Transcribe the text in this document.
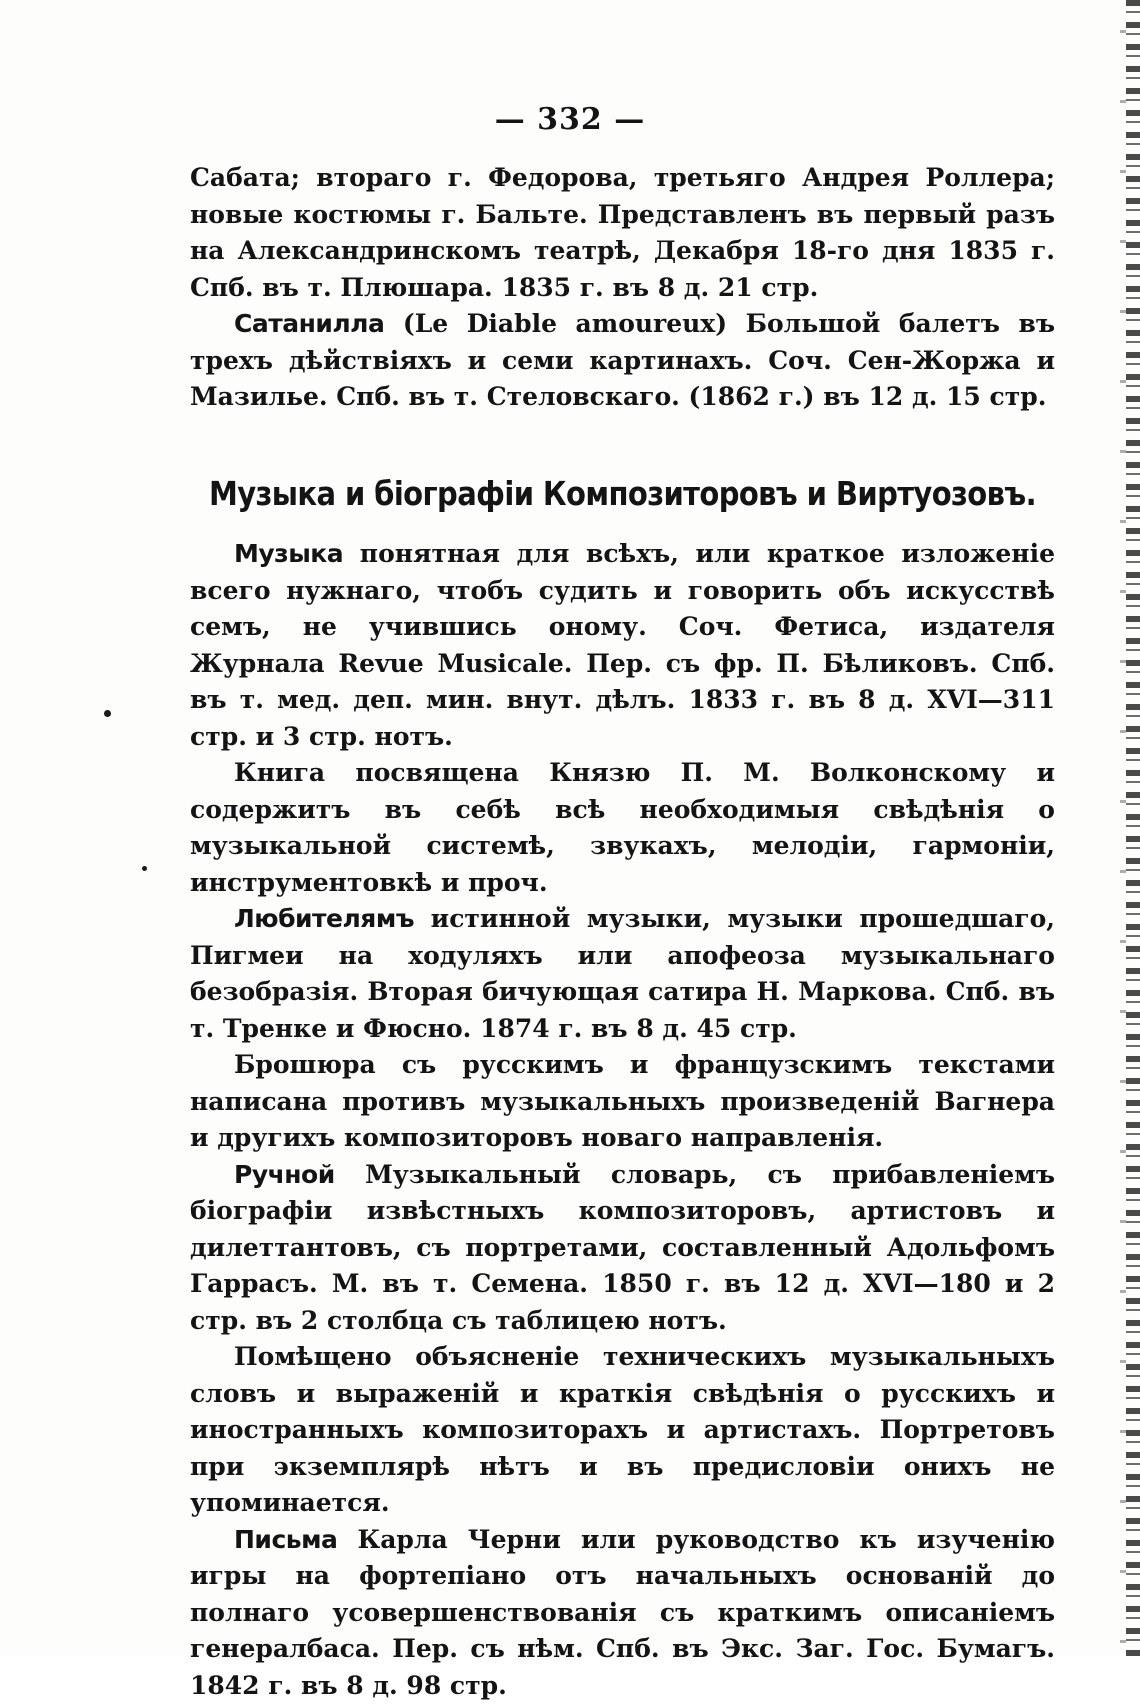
— 332 —

Сабата; втораго г. Федорова, третьяго Андрея Роллера; новые костюмы г. Бальте. Представленъ въ первый разъ на Александринскомъ театрѣ, Декабря 18-го дня 1835 г. Спб. въ т. Плюшара. 1835 г. въ 8 д. 21 стр.

Сатанилла (Le Diable amoureux) Большой балетъ въ трехъ дѣйствіяхъ и семи картинахъ. Соч. Сен-Жоржа и Мазилье. Спб. въ т. Стеловскаго. (1862 г.) въ 12 д. 15 стр.

Музыка и біографіи Композиторовъ и Виртуозовъ.

Музыка понятная для всѣхъ, или краткое изложеніе всего нужнаго, чтобъ судить и говорить объ искусствѣ семъ, не учившись оному. Соч. Фетиса, издателя Журнала Revue Musicale. Пер. съ фр. П. Бѣликовъ. Спб. въ т. мед. деп. мин. внут. дѣлъ. 1833 г. въ 8 д. XVI—311 стр. и 3 стр. нотъ.

Книга посвящена Князю П. М. Волконскому и содержитъ въ себѣ всѣ необходимыя свѣдѣнія о музыкальной системѣ, звукахъ, мелодіи, гармоніи, инструментовкѣ и проч.

Любителямъ истинной музыки, музыки прошедшаго, Пигмеи на ходуляхъ или апофеоза музыкальнаго безобразія. Вторая бичующая сатира Н. Маркова. Спб. въ т. Тренке и Фюсно. 1874 г. въ 8 д. 45 стр.

Брошюра съ русскимъ и французскимъ текстами написана противъ музыкальныхъ произведеній Вагнера и другихъ композиторовъ новаго направленія.

Ручной Музыкальный словарь, съ прибавленіемъ біографіи извѣстныхъ композиторовъ, артистовъ и дилеттантовъ, съ портретами, составленный Адольфомъ Гаррасъ. М. въ т. Семена. 1850 г. въ 12 д. XVI—180 и 2 стр. въ 2 столбца съ таблицею нотъ.

Помѣщено объясненіе техническихъ музыкальныхъ словъ и выраженій и краткія свѣдѣнія о русскихъ и иностранныхъ композиторахъ и артистахъ. Портретовъ при экземплярѣ нѣтъ и въ предисловіи онихъ не упоминается.

Письма Карла Черни или руководство къ изученію игры на фортепіано отъ начальныхъ основаній до полнаго усовершенствованія съ краткимъ описаніемъ генералбаса. Пер. съ нѣм. Спб. въ Экс. Заг. Гос. Бумагъ. 1842 г. въ 8 д. 98 стр.
